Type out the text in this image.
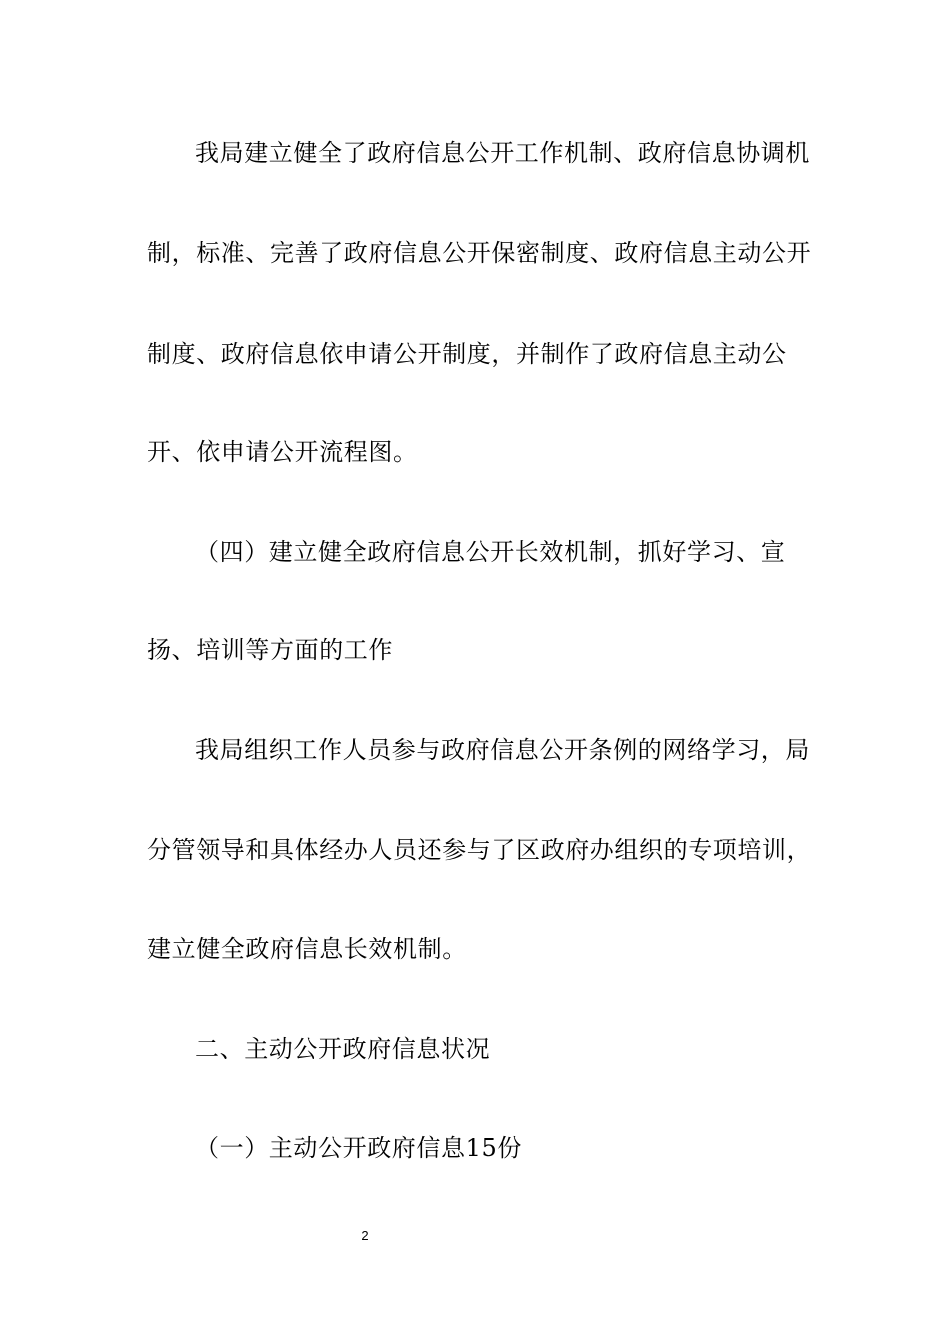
我局建立健全了政府信息公开工作机制、政府信息协调机
制，标准、完善了政府信息公开保密制度、政府信息主动公开
制度、政府信息依申请公开制度，并制作了政府信息主动公
开、依申请公开流程图。
（四）建立健全政府信息公开长效机制，抓好学习、宣
扬、培训等方面的工作
我局组织工作人员参与政府信息公开条例的网络学习，局
分管领导和具体经办人员还参与了区政府办组织的专项培训，
建立健全政府信息长效机制。
二、主动公开政府信息状况
（一）主动公开政府信息15份
2
